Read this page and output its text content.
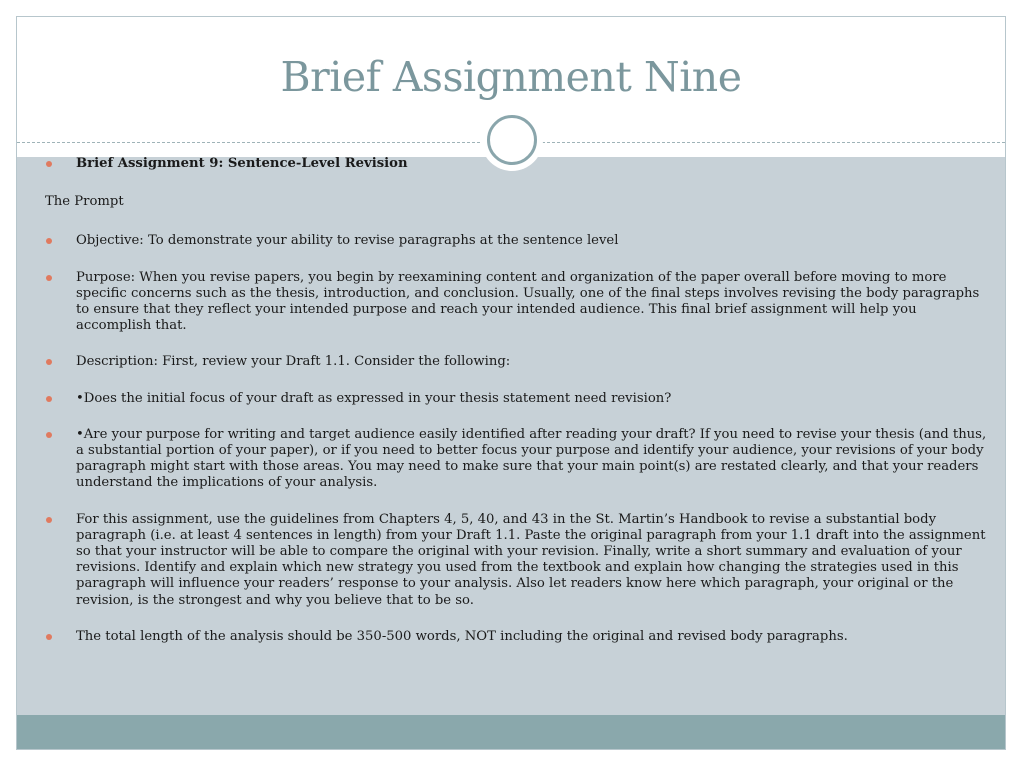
Brief Assignment Nine
Brief Assignment 9: Sentence-Level Revision
The Prompt
Objective: To demonstrate your ability to revise paragraphs at the sentence level
Purpose: When you revise papers, you begin by reexamining content and organization of the paper overall before moving to more specific concerns such as the thesis, introduction, and conclusion. Usually, one of the final steps involves revising the body paragraphs to ensure that they reflect your intended purpose and reach your intended audience. This final brief assignment will help you accomplish that.
Description: First, review your Draft 1.1. Consider the following:
•Does the initial focus of your draft as expressed in your thesis statement need revision?
•Are your purpose for writing and target audience easily identified after reading your draft? If you need to revise your thesis (and thus, a substantial portion of your paper), or if you need to better focus your purpose and identify your audience, your revisions of your body paragraph might start with those areas. You may need to make sure that your main point(s) are restated clearly, and that your readers understand the implications of your analysis.
For this assignment, use the guidelines from Chapters 4, 5, 40, and 43 in the St. Martin’s Handbook to revise a substantial body paragraph (i.e. at least 4 sentences in length) from your Draft 1.1. Paste the original paragraph from your 1.1 draft into the assignment so that your instructor will be able to compare the original with your revision. Finally, write a short summary and evaluation of your revisions. Identify and explain which new strategy you used from the textbook and explain how changing the strategies used in this paragraph will influence your readers’ response to your analysis. Also let readers know here which paragraph, your original or the revision, is the strongest and why you believe that to be so.
The total length of the analysis should be 350-500 words, NOT including the original and revised body paragraphs.
